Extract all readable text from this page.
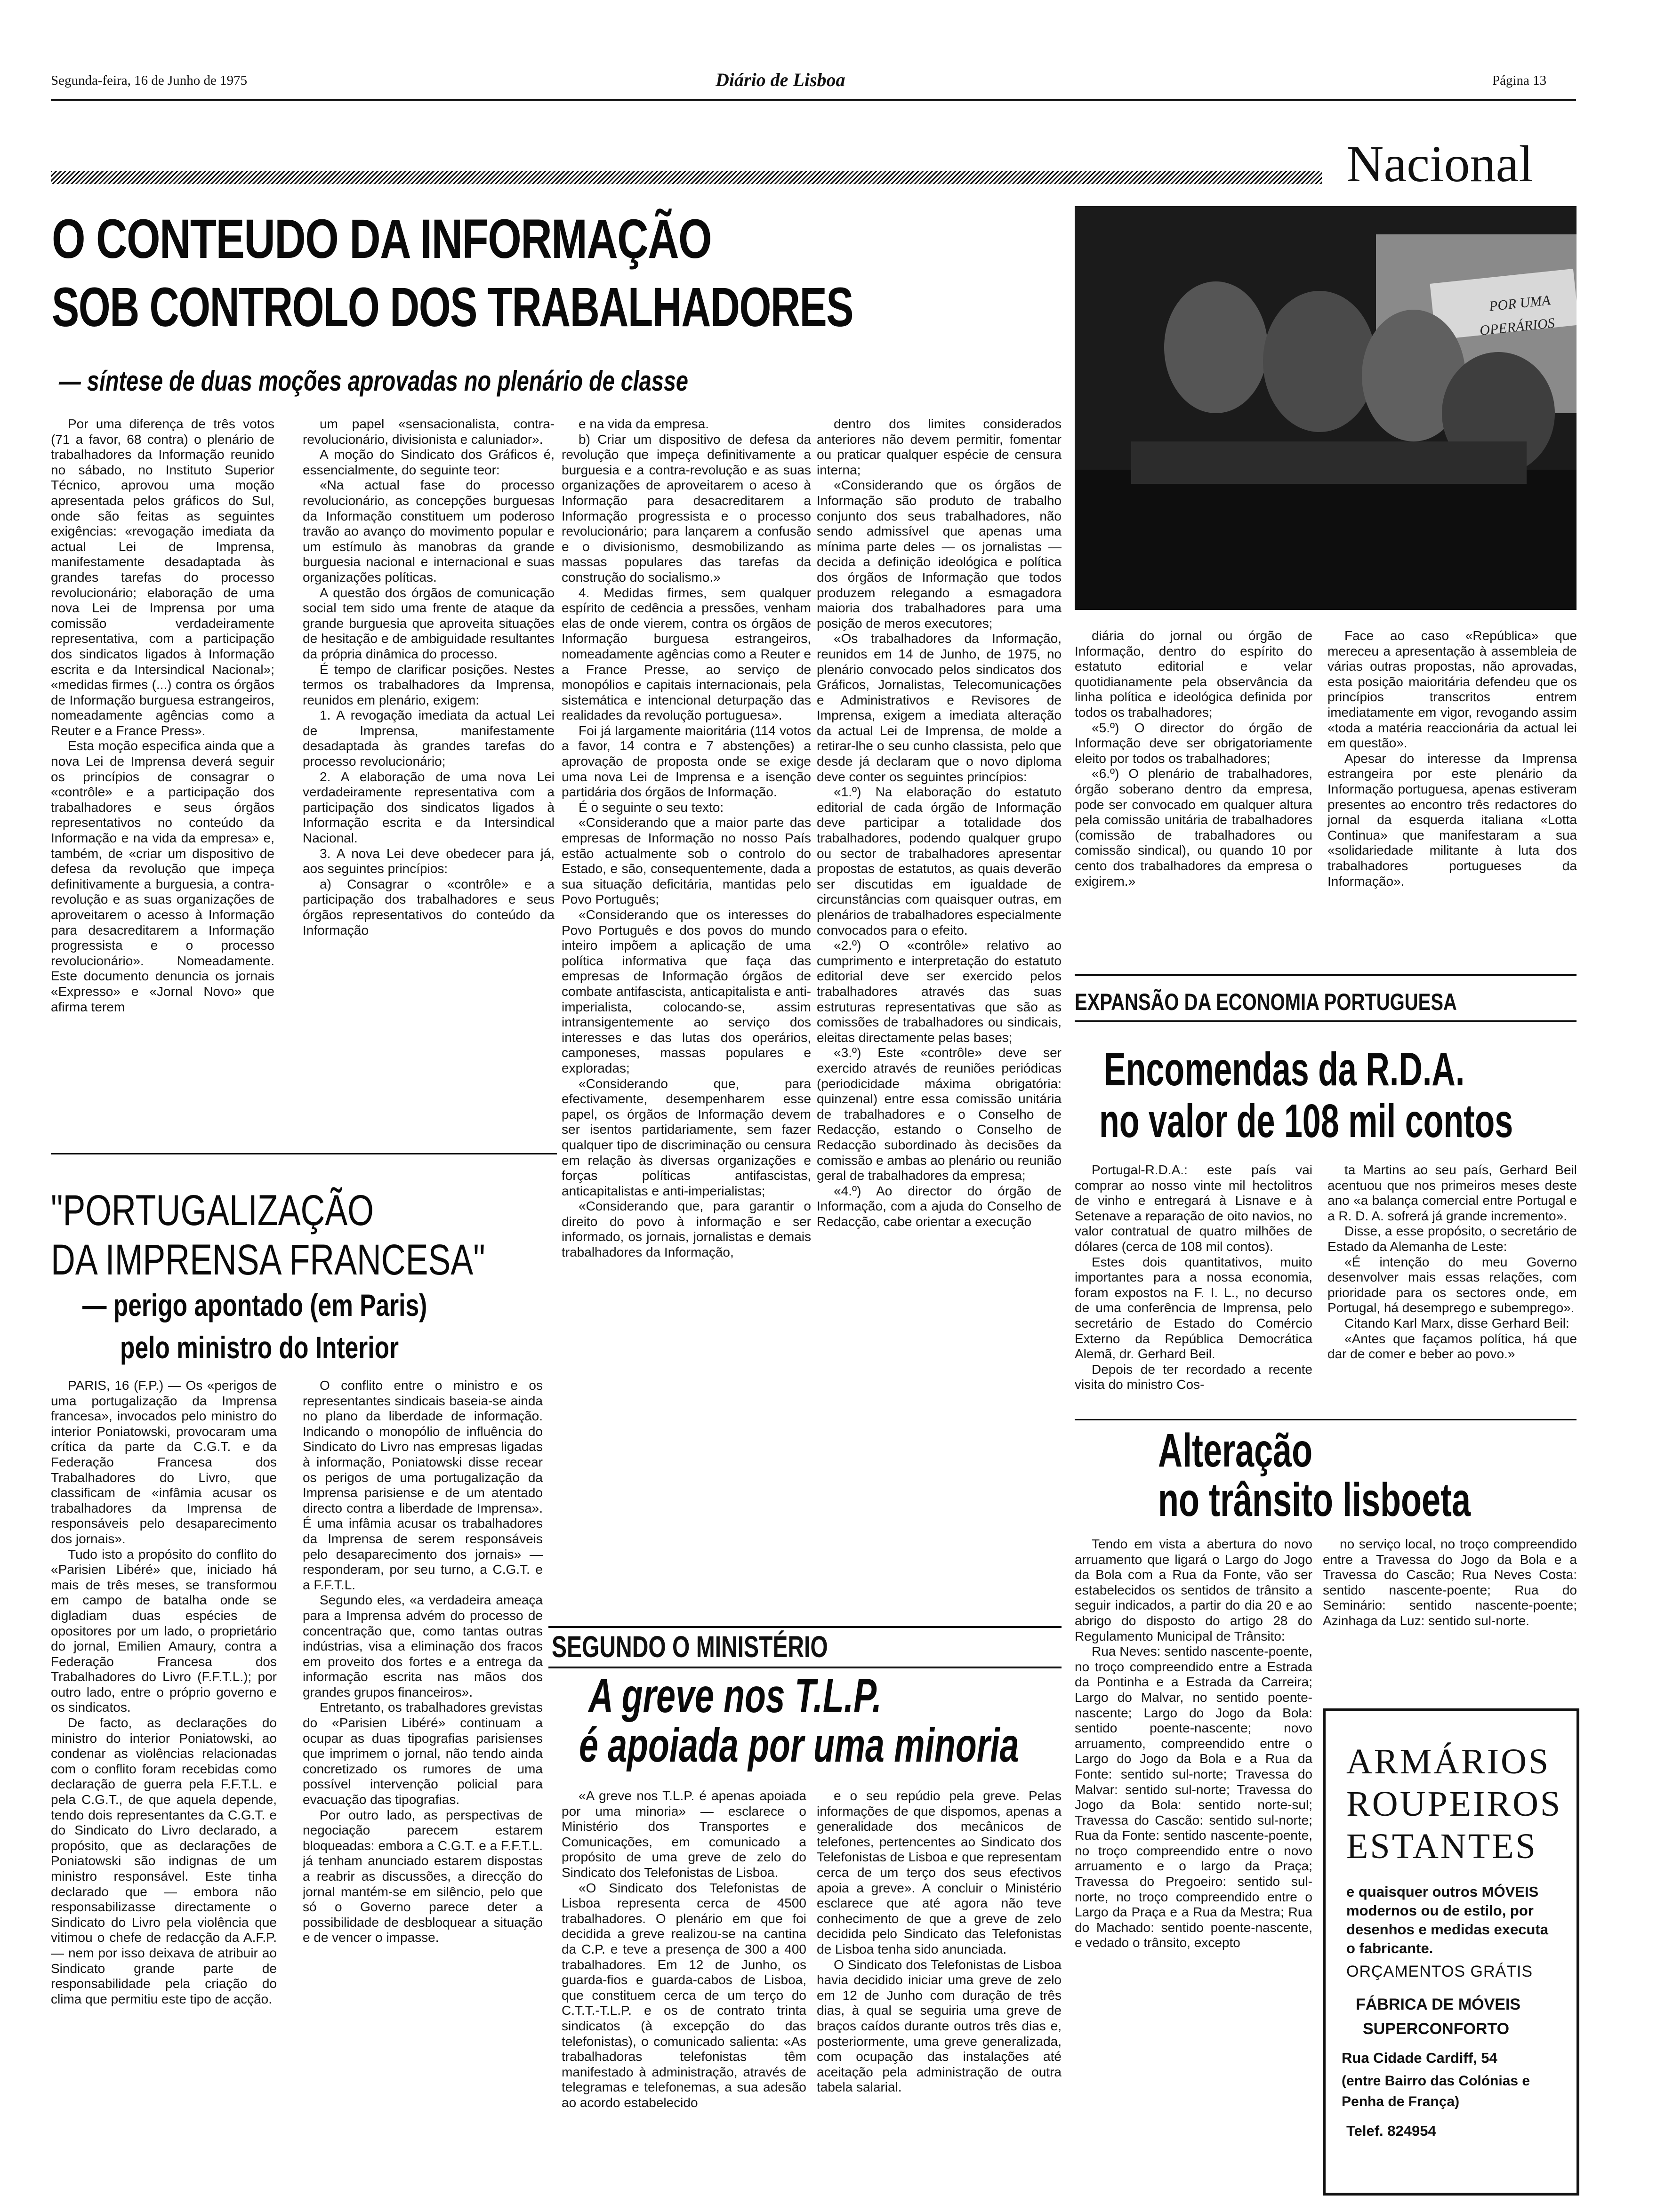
Segunda-feira, 16 de Junho de 1975	Diário de Lisboa	Página 13
Nacional
O CONTEUDO DA INFORMAÇÃO
SOB CONTROLO DOS TRABALHADORES
— síntese de duas moções aprovadas no plenário de classe
POR UMA
OPERÁRIOS

Por uma diferença de três votos (71 a favor, 68 contra) o plenário de trabalhadores da Informação reunido no sábado, no Instituto Superior Técnico, aprovou uma moção apresentada pelos gráficos do Sul, onde são feitas as seguintes exigências: «revogação imediata da actual Lei de Imprensa, manifestamente desadaptada às grandes tarefas do processo revolucionário; elaboração de uma nova Lei de Imprensa por uma comissão verdadeiramente representativa, com a participação dos sindicatos ligados à Informação escrita e da Intersindical Nacional»; «medidas firmes (...) contra os órgãos de Informação burguesa estrangeiros, nomeadamente agências como a Reuter e a France Press».

Esta moção especifica ainda que a nova Lei de Imprensa deverá seguir os princípios de consagrar o «contrôle» e a participação dos trabalhadores e seus órgãos representativos no conteúdo da Informação e na vida da empresa» e, também, de «criar um dispositivo de defesa da revolução que impeça definitivamente a burguesia, a contra-revolução e as suas organizações de aproveitarem o acesso à Informação para desacreditarem a Informação progressista e o processo revolucionário». Nomeadamente. Este documento denuncia os jornais «Expresso» e «Jornal Novo» que afirma terem

um papel «sensacionalista, contra-revolucionário, divisionista e caluniador».

A moção do Sindicato dos Gráficos é, essencialmente, do seguinte teor:

«Na actual fase do processo revolucionário, as concepções burguesas da Informação constituem um poderoso travão ao avanço do movimento popular e um estímulo às manobras da grande burguesia nacional e internacional e suas organizações políticas.

A questão dos órgãos de comunicação social tem sido uma frente de ataque da grande burguesia que aproveita situações de hesitação e de ambiguidade resultantes da própria dinâmica do processo.

É tempo de clarificar posições. Nestes termos os trabalhadores da Imprensa, reunidos em plenário, exigem:

1. A revogação imediata da actual Lei de Imprensa, manifestamente desadaptada às grandes tarefas do processo revolucionário;

2. A elaboração de uma nova Lei verdadeiramente representativa com a participação dos sindicatos ligados à Informação escrita e da Intersindical Nacional.

3. A nova Lei deve obedecer para já, aos seguintes princípios:

a) Consagrar o «contrôle» e a participação dos trabalhadores e seus órgãos representativos do conteúdo da Informação

e na vida da empresa.

b) Criar um dispositivo de defesa da revolução que impeça definitivamente a burguesia e a contra-revolução e as suas organizações de aproveitarem o aceso à Informação para desacreditarem a Informação progressista e o processo revolucionário; para lançarem a confusão e o divisionismo, desmobilizando as massas populares das tarefas da construção do socialismo.»

4. Medidas firmes, sem qualquer espírito de cedência a pressões, venham elas de onde vierem, contra os órgãos de Informação burguesa estrangeiros, nomeadamente agências como a Reuter e a France Presse, ao serviço de monopólios e capitais internacionais, pela sistemática e intencional deturpação das realidades da revolução portuguesa».

Foi já largamente maioritária (114 votos a favor, 14 contra e 7 abstenções) a aprovação de proposta onde se exige uma nova Lei de Imprensa e a isenção partidária dos órgãos de Informação.

É o seguinte o seu texto:

«Considerando que a maior parte das empresas de Informação no nosso País estão actualmente sob o controlo do Estado, e são, consequentemente, dada a sua situação deficitária, mantidas pelo Povo Português;

«Considerando que os interesses do Povo Português e dos povos do mundo inteiro impõem a aplicação de uma política informativa que faça das empresas de Informação órgãos de combate antifascista, anticapitalista e anti-imperialista, colocando-se, assim intransigentemente ao serviço dos interesses e das lutas dos operários, camponeses, massas populares e exploradas;

«Considerando que, para efectivamente, desempenharem esse papel, os órgãos de Informação devem ser isentos partidariamente, sem fazer qualquer tipo de discriminação ou censura em relação às diversas organizações e forças políticas antifascistas, anticapitalistas e anti-imperialistas;

«Considerando que, para garantir o direito do povo à informação e ser informado, os jornais, jornalistas e demais trabalhadores da Informação,

dentro dos limites considerados anteriores não devem permitir, fomentar ou praticar qualquer espécie de censura interna;

«Considerando que os órgãos de Informação são produto de trabalho conjunto dos seus trabalhadores, não sendo admissível que apenas uma mínima parte deles — os jornalistas — decida a definição ideológica e política dos órgãos de Informação que todos produzem relegando a esmagadora maioria dos trabalhadores para uma posição de meros executores;

«Os trabalhadores da Informação, reunidos em 14 de Junho, de 1975, no plenário convocado pelos sindicatos dos Gráficos, Jornalistas, Telecomunicações e Administrativos e Revisores de Imprensa, exigem a imediata alteração da actual Lei de Imprensa, de molde a retirar-lhe o seu cunho classista, pelo que desde já declaram que o novo diploma deve conter os seguintes princípios:

«1.º) Na elaboração do estatuto editorial de cada órgão de Informação deve participar a totalidade dos trabalhadores, podendo qualquer grupo ou sector de trabalhadores apresentar propostas de estatutos, as quais deverão ser discutidas em igualdade de circunstâncias com quaisquer outras, em plenários de trabalhadores especialmente convocados para o efeito.

«2.º) O «contrôle» relativo ao cumprimento e interpretação do estatuto editorial deve ser exercido pelos trabalhadores através das suas estruturas representativas que são as comissões de trabalhadores ou sindicais, eleitas directamente pelas bases;

«3.º) Este «contrôle» deve ser exercido através de reuniões periódicas (periodicidade máxima obrigatória: quinzenal) entre essa comissão unitária de trabalhadores e o Conselho de Redacção, estando o Conselho de Redacção subordinado às decisões da comissão e ambas ao plenário ou reunião geral de trabalhadores da empresa;

«4.º) Ao director do órgão de Informação, com a ajuda do Conselho de Redacção, cabe orientar a execução

diária do jornal ou órgão de Informação, dentro do espírito do estatuto editorial e velar quotidianamente pela observância da linha política e ideológica definida por todos os trabalhadores;

«5.º) O director do órgão de Informação deve ser obrigatoriamente eleito por todos os trabalhadores;

«6.º) O plenário de trabalhadores, órgão soberano dentro da empresa, pode ser convocado em qualquer altura pela comissão unitária de trabalhadores (comissão de trabalhadores ou comissão sindical), ou quando 10 por cento dos trabalhadores da empresa o exigirem.»

Face ao caso «República» que mereceu a apresentação à assembleia de várias outras propostas, não aprovadas, esta posição maioritária defendeu que os princípios transcritos entrem imediatamente em vigor, revogando assim «toda a matéria reaccionária da actual lei em questão».

Apesar do interesse da Imprensa estrangeira por este plenário da Informação portuguesa, apenas estiveram presentes ao encontro três redactores do jornal da esquerda italiana «Lotta Continua» que manifestaram a sua «solidariedade militante à luta dos trabalhadores portugueses da Informação».

"PORTUGALIZAÇÃO
DA IMPRENSA FRANCESA"
— perigo apontado (em Paris)
pelo ministro do Interior

PARIS, 16 (F.P.) — Os «perigos de uma portugalização da Imprensa francesa», invocados pelo ministro do interior Poniatowski, provocaram uma crítica da parte da C.G.T. e da Federação Francesa dos Trabalhadores do Livro, que classificam de «infâmia acusar os trabalhadores da Imprensa de responsáveis pelo desaparecimento dos jornais».

Tudo isto a propósito do conflito do «Parisien Libéré» que, iniciado há mais de três meses, se transformou em campo de batalha onde se digladiam duas espécies de opositores por um lado, o proprietário do jornal, Emilien Amaury, contra a Federação Francesa dos Trabalhadores do Livro (F.F.T.L.); por outro lado, entre o próprio governo e os sindicatos.

De facto, as declarações do ministro do interior Poniatowski, ao condenar as violências relacionadas com o conflito foram recebidas como declaração de guerra pela F.F.T.L. e pela C.G.T., de que aquela depende, tendo dois representantes da C.G.T. e do Sindicato do Livro declarado, a propósito, que as declarações de Poniatowski são indignas de um ministro responsável. Este tinha declarado que — embora não responsabilizasse directamente o Sindicato do Livro pela violência que vitimou o chefe de redacção da A.F.P. — nem por isso deixava de atribuir ao Sindicato grande parte de responsabilidade pela criação do clima que permitiu este tipo de acção.

O conflito entre o ministro e os representantes sindicais baseia-se ainda no plano da liberdade de informação. Indicando o monopólio de influência do Sindicato do Livro nas empresas ligadas à informação, Poniatowski disse recear os perigos de uma portugalização da Imprensa parisiense e de um atentado directo contra a liberdade de Imprensa». É uma infâmia acusar os trabalhadores da Imprensa de serem responsáveis pelo desaparecimento dos jornais» — responderam, por seu turno, a C.G.T. e a F.F.T.L.

Segundo eles, «a verdadeira ameaça para a Imprensa advém do processo de concentração que, como tantas outras indústrias, visa a eliminação dos fracos em proveito dos fortes e a entrega da informação escrita nas mãos dos grandes grupos financeiros».

Entretanto, os trabalhadores grevistas do «Parisien Libéré» continuam a ocupar as duas tipografias parisienses que imprimem o jornal, não tendo ainda concretizado os rumores de uma possível intervenção policial para evacuação das tipografias.

Por outro lado, as perspectivas de negociação parecem estarem bloqueadas: embora a C.G.T. e a F.F.T.L. já tenham anunciado estarem dispostas a reabrir as discussões, a direcção do jornal mantém-se em silêncio, pelo que só o Governo parece deter a possibilidade de desbloquear a situação e de vencer o impasse.

EXPANSÃO DA ECONOMIA PORTUGUESA
Encomendas da R.D.A.
no valor de 108 mil contos

Portugal-R.D.A.: este país vai comprar ao nosso vinte mil hectolitros de vinho e entregará à Lisnave e à Setenave a reparação de oito navios, no valor contratual de quatro milhões de dólares (cerca de 108 mil contos).

Estes dois quantitativos, muito importantes para a nossa economia, foram expostos na F. I. L., no decurso de uma conferência de Imprensa, pelo secretário de Estado do Comércio Externo da República Democrática Alemã, dr. Gerhard Beil.

Depois de ter recordado a recente visita do ministro Cos-

ta Martins ao seu país, Gerhard Beil acentuou que nos primeiros meses deste ano «a balança comercial entre Portugal e a R. D. A. sofrerá já grande incremento».

Disse, a esse propósito, o secretário de Estado da Alemanha de Leste:

«É intenção do meu Governo desenvolver mais essas relações, com prioridade para os sectores onde, em Portugal, há desemprego e subemprego».

Citando Karl Marx, disse Gerhard Beil:

«Antes que façamos política, há que dar de comer e beber ao povo.»

Alteração
no trânsito lisboeta

Tendo em vista a abertura do novo arruamento que ligará o Largo do Jogo da Bola com a Rua da Fonte, vão ser estabelecidos os sentidos de trânsito a seguir indicados, a partir do dia 20 e ao abrigo do disposto do artigo 28 do Regulamento Municipal de Trânsito:

Rua Neves: sentido nascente-poente, no troço compreendido entre a Estrada da Pontinha e a Estrada da Carreira; Largo do Malvar, no sentido poente-nascente; Largo do Jogo da Bola: sentido poente-nascente; novo arruamento, compreendido entre o Largo do Jogo da Bola e a Rua da Fonte: sentido sul-norte; Travessa do Malvar: sentido sul-norte; Travessa do Jogo da Bola: sentido norte-sul; Travessa do Cascão: sentido sul-norte; Rua da Fonte: sentido nascente-poente, no troço compreendido entre o novo arruamento e o largo da Praça; Travessa do Pregoeiro: sentido sul-norte, no troço compreendido entre o Largo da Praça e a Rua da Mestra; Rua do Machado: sentido poente-nascente, e vedado o trânsito, excepto

no serviço local, no troço compreendido entre a Travessa do Jogo da Bola e a Travessa do Cascão; Rua Neves Costa: sentido nascente-poente; Rua do Seminário: sentido nascente-poente; Azinhaga da Luz: sentido sul-norte.

ARMÁRIOS
ROUPEIROS
ESTANTES
e quaisquer outros MÓVEIS modernos ou de estilo, por desenhos e medidas executa o fabricante.
ORÇAMENTOS GRÁTIS
FÁBRICA DE MÓVEIS
SUPERCONFORTO
Rua Cidade Cardiff, 54
(entre Bairro das Colónias e Penha de França)
Telef. 824954
SEGUNDO O MINISTÉRIO
A greve nos T.L.P.
é apoiada por uma minoria

«A greve nos T.L.P. é apenas apoiada por uma minoria» — esclarece o Ministério dos Transportes e Comunicações, em comunicado a propósito de uma greve de zelo do Sindicato dos Telefonistas de Lisboa.

«O Sindicato dos Telefonistas de Lisboa representa cerca de 4500 trabalhadores. O plenário em que foi decidida a greve realizou-se na cantina da C.P. e teve a presença de 300 a 400 trabalhadores. Em 12 de Junho, os guarda-fios e guarda-cabos de Lisboa, que constituem cerca de um terço do C.T.T.-T.L.P. e os de contrato trinta sindicatos (à excepção do das telefonistas), o comunicado salienta: «As trabalhadoras telefonistas têm manifestado à administração, através de telegramas e telefonemas, a sua adesão ao acordo estabelecido

e o seu repúdio pela greve. Pelas informações de que dispomos, apenas a generalidade dos mecânicos de telefones, pertencentes ao Sindicato dos Telefonistas de Lisboa e que representam cerca de um terço dos seus efectivos apoia a greve». A concluir o Ministério esclarece que até agora não teve conhecimento de que a greve de zelo decidida pelo Sindicato das Telefonistas de Lisboa tenha sido anunciada.

O Sindicato dos Telefonistas de Lisboa havia decidido iniciar uma greve de zelo em 12 de Junho com duração de três dias, à qual se seguiria uma greve de braços caídos durante outros três dias e, posteriormente, uma greve generalizada, com ocupação das instalações até aceitação pela administração de outra tabela salarial.
